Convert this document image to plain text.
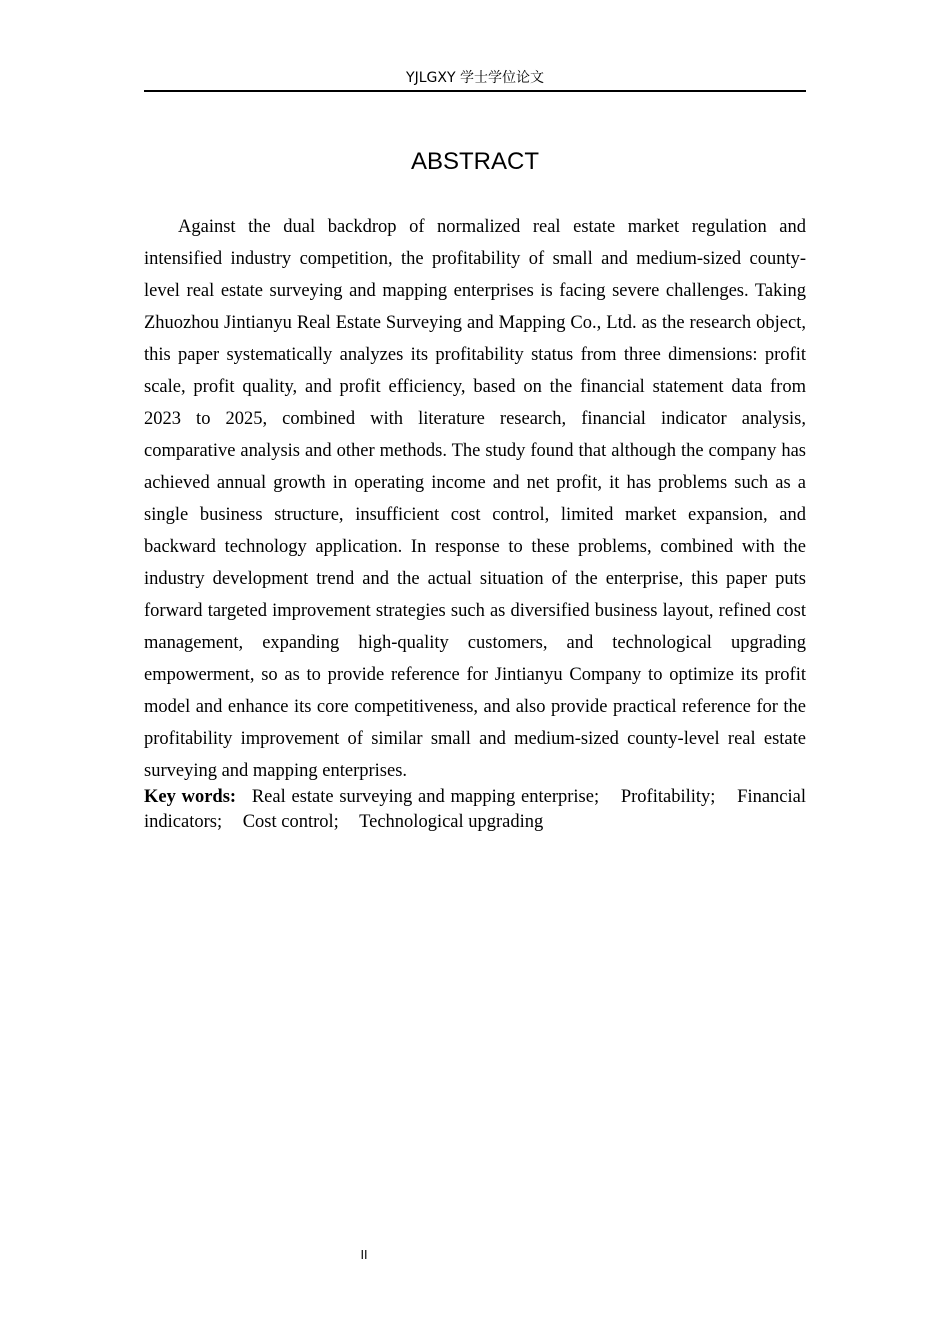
YJLGXY 学士学位论文
ABSTRACT

Against the dual backdrop of normalized real estate market regulation and intensified industry competition, the profitability of small and medium-sized county-level real estate surveying and mapping enterprises is facing severe challenges. Taking Zhuozhou Jintianyu Real Estate Surveying and Mapping Co., Ltd. as the research object, this paper systematically analyzes its profitability status from three dimensions: profit scale, profit quality, and profit efficiency, based on the financial statement data from 2023 to 2025, combined with literature research, financial indicator analysis, comparative analysis and other methods. The study found that although the company has achieved annual growth in operating income and net profit, it has problems such as a single business structure, insufficient cost control, limited market expansion, and backward technology application. In response to these problems, combined with the industry development trend and the actual situation of the enterprise, this paper puts forward targeted improvement strategies such as diversified business layout, refined cost management, expanding high-quality customers, and technological upgrading empowerment, so as to provide reference for Jintianyu Company to optimize its profit model and enhance its core competitiveness, and also provide practical reference for the profitability improvement of similar small and medium-sized county-level real estate surveying and mapping enterprises.

Key words: Real estate surveying and mapping enterprise; Profitability; Financial indicators; Cost control; Technological upgrading

II
